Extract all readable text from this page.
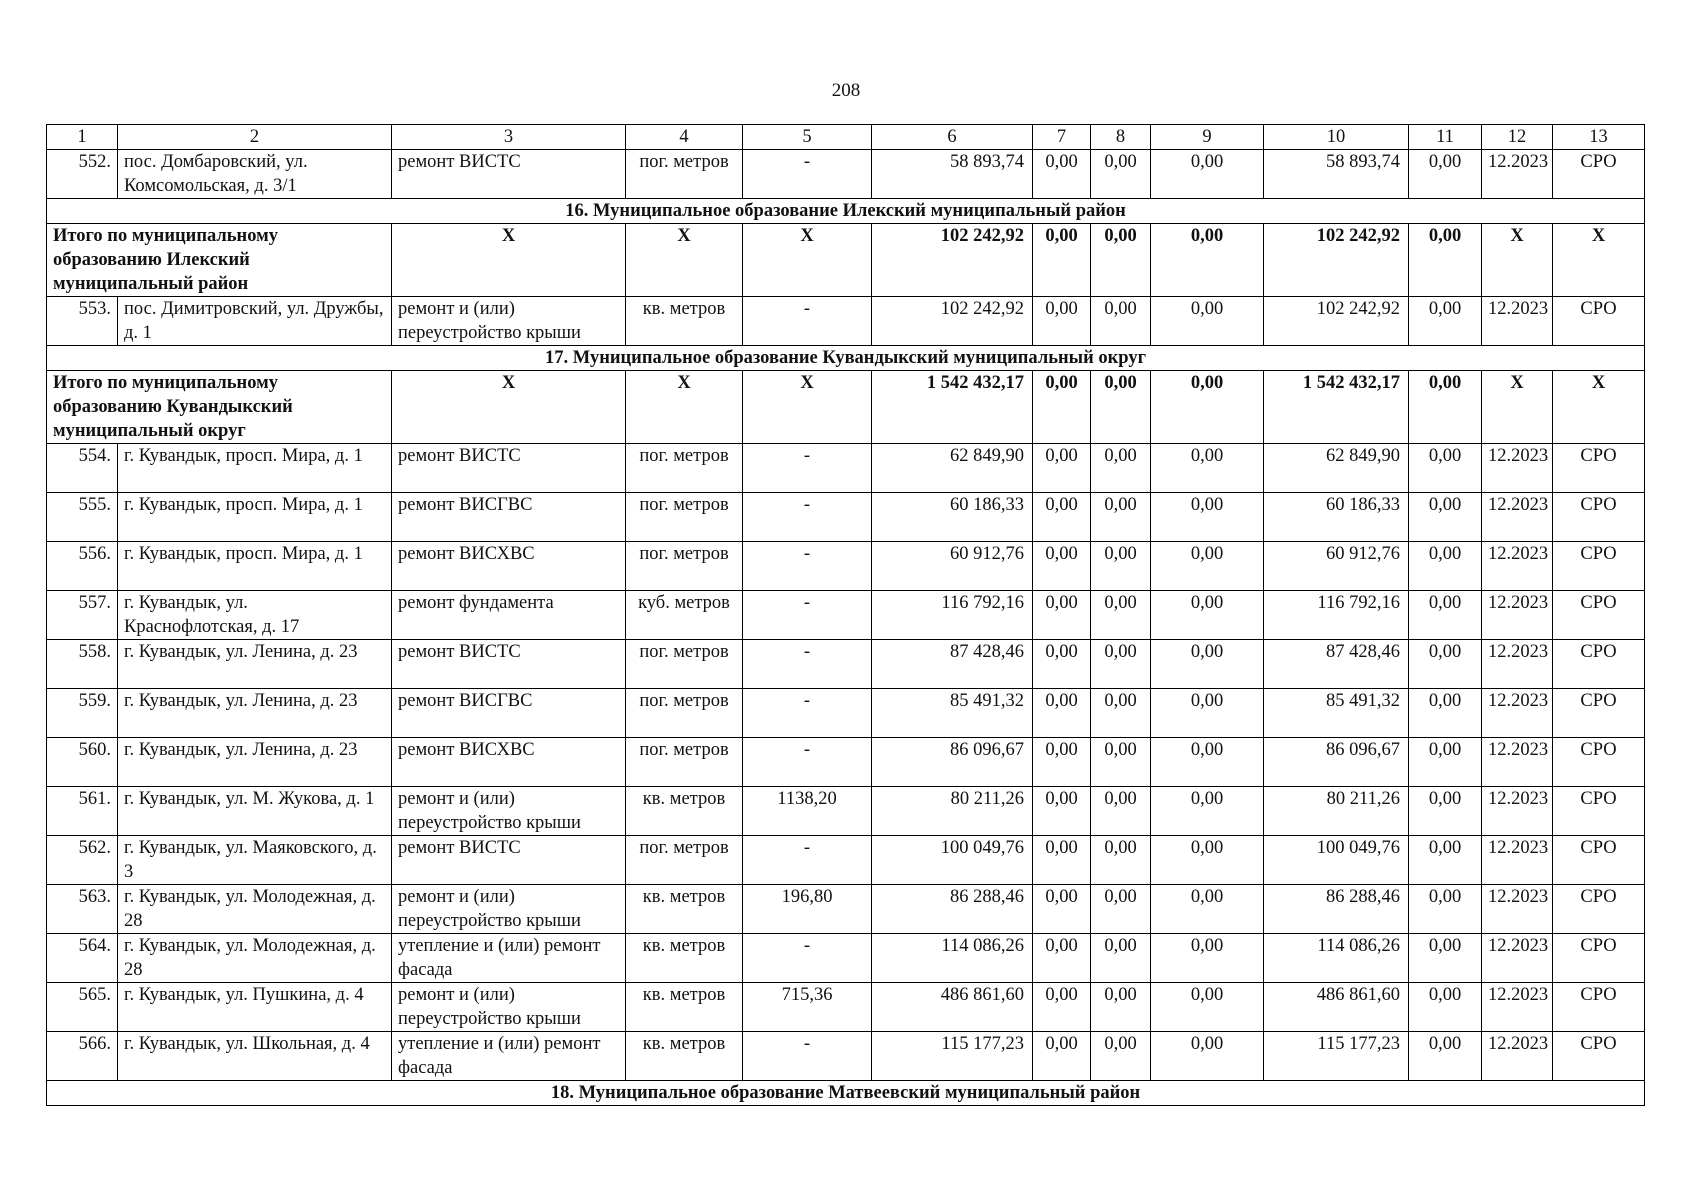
208
1	2	3	4	5	6	7	8	9	10	11	12	13
552.	пос. Домбаровский, ул. Комсомольская, д. 3/1	ремонт ВИСТС	пог. метров	-	58 893,74	0,00	0,00	0,00	58 893,74	0,00	12.2023	СРО
16. Муниципальное образование Илекский муниципальный район												
Итого по муниципальному образованию Илекский муниципальный район		X	X	X	102 242,92	0,00	0,00	0,00	102 242,92	0,00	X	X
553.	пос. Димитровский, ул. Дружбы, д. 1	ремонт и (или) переустройство крыши	кв. метров	-	102 242,92	0,00	0,00	0,00	102 242,92	0,00	12.2023	СРО
17. Муниципальное образование Кувандыкский муниципальный округ												
Итого по муниципальному образованию Кувандыкский муниципальный округ		X	X	X	1 542 432,17	0,00	0,00	0,00	1 542 432,17	0,00	X	X
554.	г. Кувандык, просп. Мира, д. 1	ремонт ВИСТС	пог. метров	-	62 849,90	0,00	0,00	0,00	62 849,90	0,00	12.2023	СРО
555.	г. Кувандык, просп. Мира, д. 1	ремонт ВИСГВС	пог. метров	-	60 186,33	0,00	0,00	0,00	60 186,33	0,00	12.2023	СРО
556.	г. Кувандык, просп. Мира, д. 1	ремонт ВИСХВС	пог. метров	-	60 912,76	0,00	0,00	0,00	60 912,76	0,00	12.2023	СРО
557.	г. Кувандык, ул. Краснофлотская, д. 17	ремонт фундамента	куб. метров	-	116 792,16	0,00	0,00	0,00	116 792,16	0,00	12.2023	СРО
558.	г. Кувандык, ул. Ленина, д. 23	ремонт ВИСТС	пог. метров	-	87 428,46	0,00	0,00	0,00	87 428,46	0,00	12.2023	СРО
559.	г. Кувандык, ул. Ленина, д. 23	ремонт ВИСГВС	пог. метров	-	85 491,32	0,00	0,00	0,00	85 491,32	0,00	12.2023	СРО
560.	г. Кувандык, ул. Ленина, д. 23	ремонт ВИСХВС	пог. метров	-	86 096,67	0,00	0,00	0,00	86 096,67	0,00	12.2023	СРО
561.	г. Кувандык, ул. М. Жукова, д. 1	ремонт и (или) переустройство крыши	кв. метров	1138,20	80 211,26	0,00	0,00	0,00	80 211,26	0,00	12.2023	СРО
562.	г. Кувандык, ул. Маяковского, д. 3	ремонт ВИСТС	пог. метров	-	100 049,76	0,00	0,00	0,00	100 049,76	0,00	12.2023	СРО
563.	г. Кувандык, ул. Молодежная, д. 28	ремонт и (или) переустройство крыши	кв. метров	196,80	86 288,46	0,00	0,00	0,00	86 288,46	0,00	12.2023	СРО
564.	г. Кувандык, ул. Молодежная, д. 28	утепление и (или) ремонт фасада	кв. метров	-	114 086,26	0,00	0,00	0,00	114 086,26	0,00	12.2023	СРО
565.	г. Кувандык, ул. Пушкина, д. 4	ремонт и (или) переустройство крыши	кв. метров	715,36	486 861,60	0,00	0,00	0,00	486 861,60	0,00	12.2023	СРО
566.	г. Кувандык, ул. Школьная, д. 4	утепление и (или) ремонт фасада	кв. метров	-	115 177,23	0,00	0,00	0,00	115 177,23	0,00	12.2023	СРО
18. Муниципальное образование Матвеевский муниципальный район												
